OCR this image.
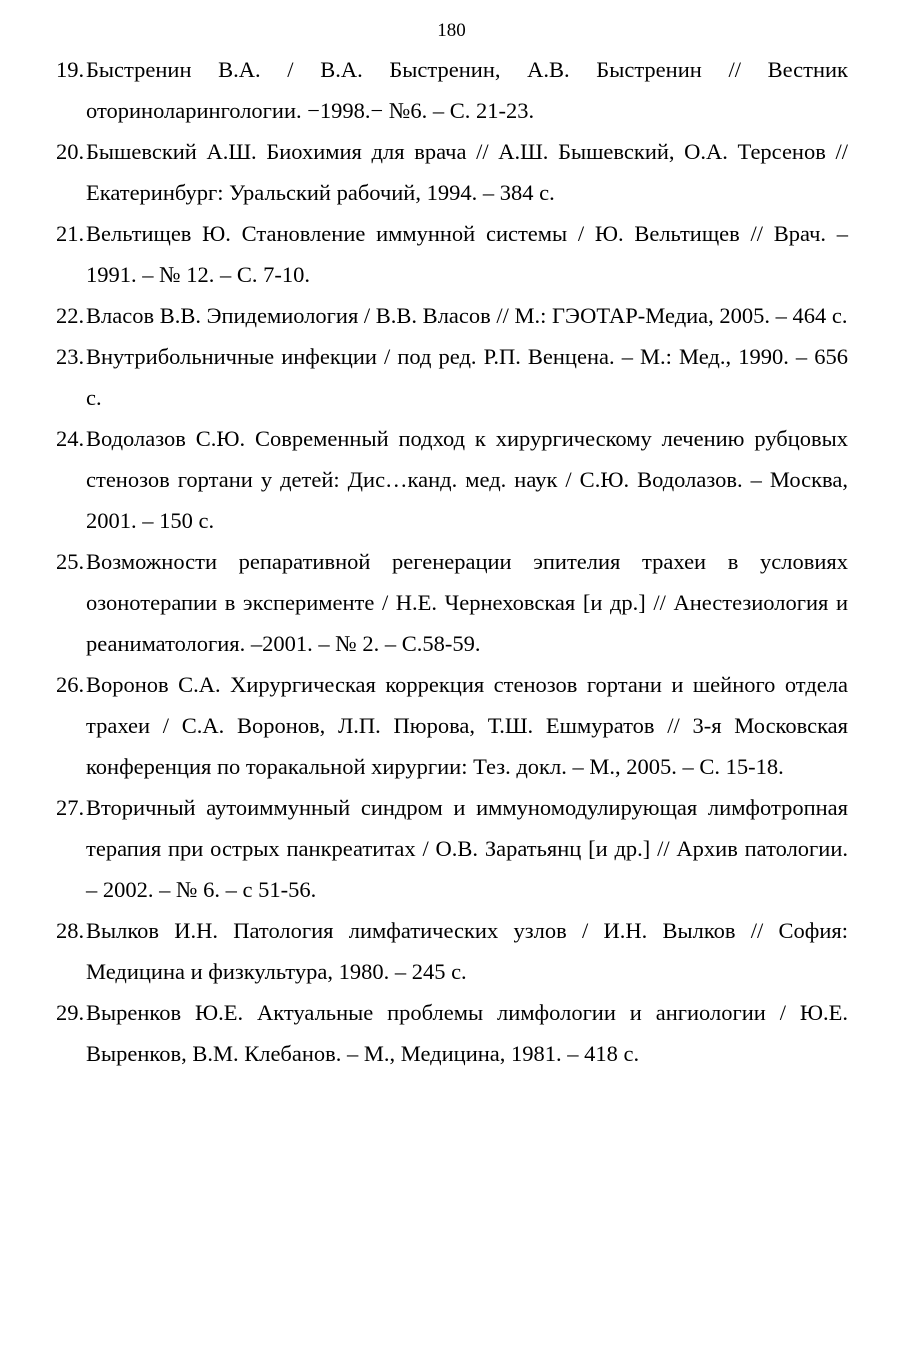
180
19. Быстренин В.А. / В.А. Быстренин, А.В. Быстренин // Вестник оториноларингологии. −1998.− №6. – С. 21-23.
20. Бышевский А.Ш. Биохимия для врача // А.Ш. Бышевский, О.А. Терсенов // Екатеринбург: Уральский рабочий, 1994. – 384 с.
21. Вельтищев Ю. Становление иммунной системы / Ю. Вельтищев // Врач. – 1991. – № 12. – С. 7-10.
22. Власов В.В. Эпидемиология / В.В. Власов // М.: ГЭОТАР-Медиа, 2005. – 464 с.
23. Внутрибольничные инфекции / под ред. Р.П. Венцена. – М.: Мед., 1990. – 656 с.
24. Водолазов С.Ю. Современный подход к хирургическому лечению рубцовых стенозов гортани у детей: Дис…канд. мед. наук / С.Ю. Водолазов. – Москва, 2001. – 150 с.
25. Возможности репаративной регенерации эпителия трахеи в условиях озонотерапии в эксперименте / Н.Е. Чернеховская [и др.] // Анестезиология и реаниматология. –2001. – № 2. – С.58-59.
26. Воронов С.А. Хирургическая коррекция стенозов гортани и шейного отдела трахеи / С.А. Воронов, Л.П. Пюрова, Т.Ш. Ешмуратов // 3-я Московская конференция по торакальной хирургии: Тез. докл. – М., 2005. – С. 15-18.
27. Вторичный аутоиммунный синдром и иммуномодулирующая лимфотропная терапия при острых панкреатитах / О.В. Заратьянц [и др.] // Архив патологии. – 2002. – № 6. – с 51-56.
28. Вылков И.Н. Патология лимфатических узлов / И.Н. Вылков // София: Медицина и физкультура, 1980. – 245 с.
29. Выренков Ю.Е. Актуальные проблемы лимфологии и ангиологии / Ю.Е. Выренков, В.М. Клебанов. – М., Медицина, 1981. – 418 с.
